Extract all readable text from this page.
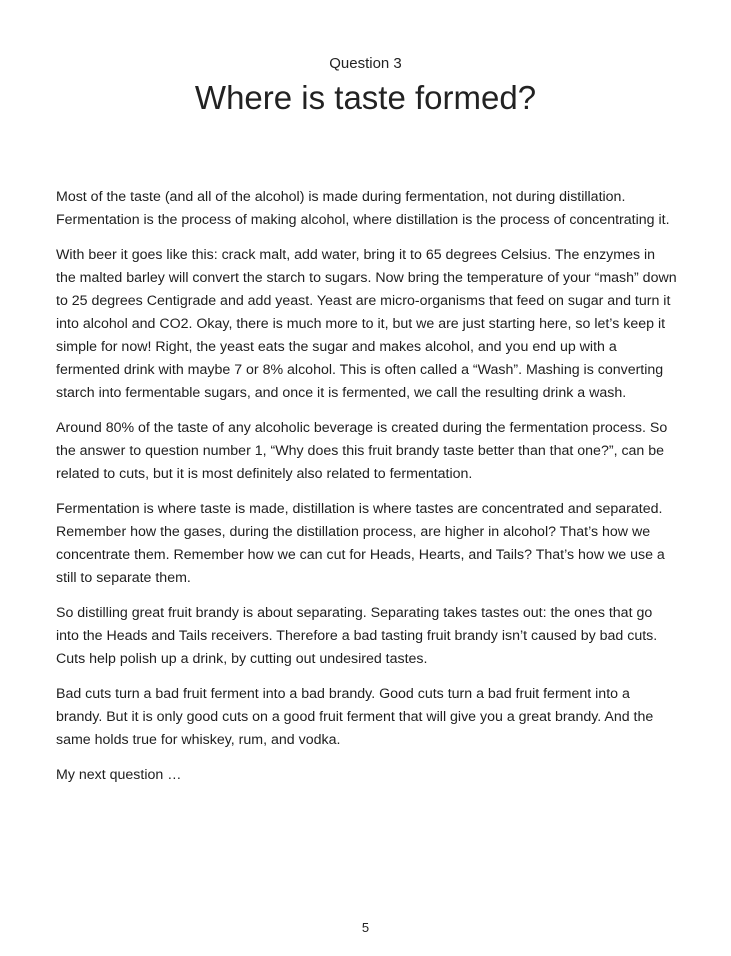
Question 3
Where is taste formed?

Most of the taste (and all of the alcohol) is made during fermentation, not during distillation. Fermentation is the process of making alcohol, where distillation is the process of concentrating it.

With beer it goes like this: crack malt, add water, bring it to 65 degrees Celsius. The enzymes in the malted barley will convert the starch to sugars. Now bring the temperature of your “mash” down to 25 degrees Centigrade and add yeast. Yeast are micro-organisms that feed on sugar and turn it into alcohol and CO2. Okay, there is much more to it, but we are just starting here, so let’s keep it simple for now! Right, the yeast eats the sugar and makes alcohol, and you end up with a fermented drink with maybe 7 or 8% alcohol. This is often called a “Wash”. Mashing is converting starch into fermentable sugars, and once it is fermented, we call the resulting drink a wash.

Around 80% of the taste of any alcoholic beverage is created during the fermentation process. So the answer to question number 1, “Why does this fruit brandy taste better than that one?”, can be related to cuts, but it is most definitely also related to fermentation.

Fermentation is where taste is made, distillation is where tastes are concentrated and separated. Remember how the gases, during the distillation process, are higher in alcohol? That’s how we concentrate them. Remember how we can cut for Heads, Hearts, and Tails? That’s how we use a still to separate them.

So distilling great fruit brandy is about separating. Separating takes tastes out: the ones that go into the Heads and Tails receivers. Therefore a bad tasting fruit brandy isn’t caused by bad cuts. Cuts help polish up a drink, by cutting out undesired tastes.

Bad cuts turn a bad fruit ferment into a bad brandy. Good cuts turn a bad fruit ferment into a brandy. But it is only good cuts on a good fruit ferment that will give you a great brandy. And the same holds true for whiskey, rum, and vodka.

My next question …

5
